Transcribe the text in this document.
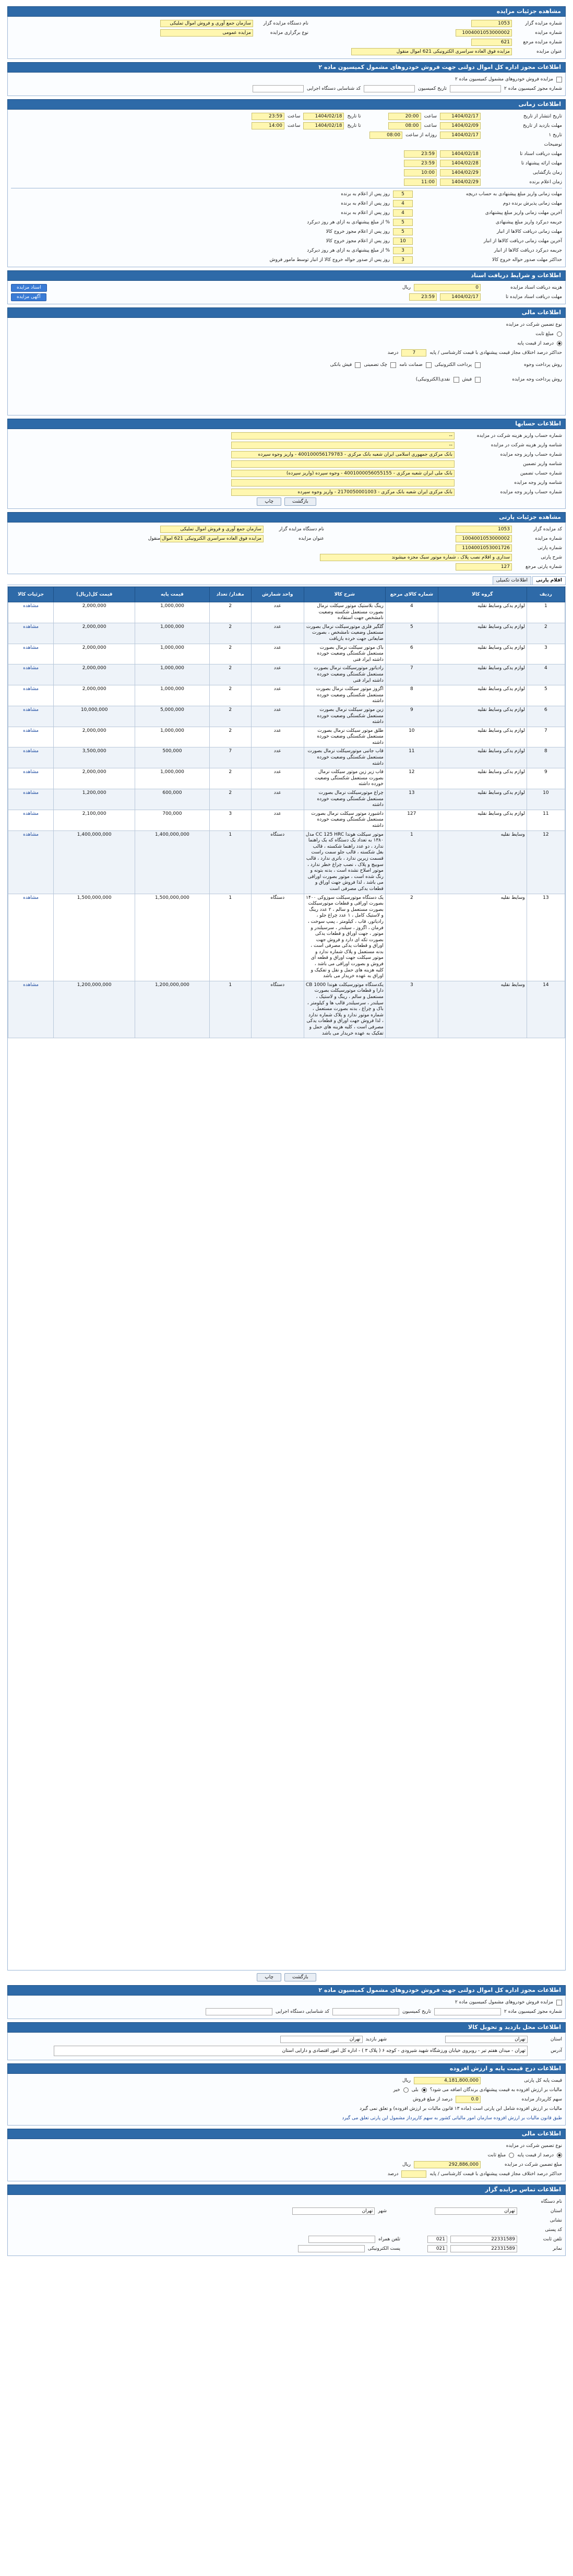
مشاهده جزئیات مزایده
شماره مزایده گزار
1053
نام دستگاه مزایده گزار
سازمان جمع آوری و فروش اموال تملیکی
شماره مزایده
1004001053000002
نوع برگزاری مزایده
مزایده عمومی
شماره مزایده مرجع
621
عنوان مزایده
مزایده فوق العاده سراسری الکترونیکی 621 اموال منقول
اطلاعات مجوز اداره کل اموال دولتی جهت فروش خودروهای مشمول کمیسیون ماده ۲
مزایده فروش خودروهای مشمول کمیسیون ماده ۲
شماره مجوز کمیسیون ماده ۲
تاریخ کمیسیون
کد شناسایی دستگاه اجرایی
اطلاعات زمانی
تاریخ انتشار از تاریخ
1404/02/17
ساعت
20:00
تا تاریخ
1404/02/18
ساعت
23:59
مهلت بازدید از تاریخ
1404/02/09
ساعت
08:00
تا تاریخ
1404/02/18
ساعت
14:00
تاریخ ۱
1404/02/17
روزانه از ساعت
08:00
توضیحات
مهلت دریافت اسناد تا
1404/02/18
23:59
مهلت ارائه پیشنهاد تا
1404/02/28
23:59
زمان بازگشایی
1404/02/29
10:00
زمان اعلام برنده
1404/02/29
11:00
مهلت زمانی واریز مبلغ پیشنهادی به حساب دریچه
5
روز پس از اعلام به برنده
مهلت زمانی پذیرش برنده دوم
4
روز پس از اعلام به برنده
آخرین مهلت زمانی واریز مبلغ پیشنهادی
4
روز پس از اعلام به برنده
جریمه دیرکرد واریز مبلغ پیشنهادی
5
% از مبلغ پیشنهادی به ازای هر روز دیرکرد
مهلت زمانی دریافت کالاها از انبار
5
روز پس از اعلام مجوز خروج کالا
آخرین مهلت زمانی دریافت کالاها از انبار
10
روز پس از اعلام مجوز خروج کالا
جریمه دیرکرد دریافت کالاها از انبار
3
% از مبلغ پیشنهادی به ازای هر روز دیرکرد
حداکثر مهلت صدور حواله خروج کالا
3
روز پس از صدور حواله خروج کالا از انبار توسط مامور فروش
اطلاعات و شرایط دریافت اسناد
هزینه دریافت اسناد مزایده
0
ریال
اسناد مزایده
مهلت دریافت اسناد مزایده تا
1404/02/17
23:59
آگهی مزایده
اطلاعات مالی
نوع تضمین شرکت در مزایده
مبلغ ثابت
درصد از قیمت پایه
حداکثر درصد اختلاف مجاز قیمت پیشنهادی با قیمت کارشناسی / پایه
7
درصد
روش پرداخت وجوه
پرداخت الکترونیکی
ضمانت نامه
چک تضمینی
فیش بانکی
روش پرداخت وجه مزایده
فیش
نقدی(الکترونیکی)
اطلاعات حسابها
شماره حساب واریز هزینه شرکت در مزایده
--
شناسه واریز هزینه شرکت در مزایده
--
شماره حساب واریز وجه مزایده
بانک مرکزی جمهوری اسلامی ایران شعبه بانک مرکزی - 400100056179783 - واریز وجوه سپرده
شناسه واریز تضمین
شماره حساب تضمین
بانک ملی ایران شعبه مرکزی - 4001000056055155 - وجوه سپرده (واریز سپرده)
شناسه واریز وجه مزایده
شماره حساب واریز وجه مزایده
بانک مرکزی ایران شعبه بانک مرکزی - 2170050001003 - واریز وجوه سپرده
بازگشت
چاپ
مشاهده جزئیات پارتی
کد مزایده گزار
1053
نام دستگاه مزایده گزار
سازمان جمع آوری و فروش اموال تملیکی
شماره مزایده
1004001053000002
عنوان مزایده
مزایده فوق العاده سراسری الکترونیکی 621 اموال منقول
شماره پارتی
1104001053001726
شرح پارتی
سداری و اقلام نصب پلاک ، شماره موتور سبک مجزه میشوند
شماره پارتی مرجع
127
اقلام پارتی
اطلاعات تکمیلی
ردیف	گروه کالا	شماره کالای مرجع	شرح کالا	واحد شمارش	مقدار/ تعداد	قیمت پایه	قیمت کل(ریال)	جزئیات کالا
1	لوازم یدکی وسایط نقلیه	4	رینگ بلاستیک موتور سیکلت نرمال بصورت مستعمل شکسته وضعیت نامشخص جهت استفاده	عدد	2	1,000,000	2,000,000	مشاهده
2	لوازم یدکی وسایط نقلیه	5	گلگیر فلزی موتورسیکلت نرمال بصورت مستعمل وضعیت نامشخص ، بصورت ضایعاتی جهت خرده بازیافت	عدد	2	1,000,000	2,000,000	مشاهده
3	لوازم یدکی وسایط نقلیه	6	باک موتور سیکلت نرمال بصورت مستعمل شکستگی وضعیت خورده داشته ایراد فنی	عدد	2	1,000,000	2,000,000	مشاهده
4	لوازم یدکی وسایط نقلیه	7	رادیاتور موتورسیکلت نرمال بصورت مستعمل شکستگی وضعیت خورده داشته ایراد فنی	عدد	2	1,000,000	2,000,000	مشاهده
5	لوازم یدکی وسایط نقلیه	8	اگزوز موتور سیکلت نرمال بصورت مستعمل شکستگی وضعیت خورده داشته	عدد	2	1,000,000	2,000,000	مشاهده
6	لوازم یدکی وسایط نقلیه	9	زین موتور سیکلت نرمال بصورت مستعمل شکستگی وضعیت خورده داشته	عدد	2	5,000,000	10,000,000	مشاهده
7	لوازم یدکی وسایط نقلیه	10	طلق موتور سیکلت نرمال بصورت مستعمل شکستگی وضعیت خورده داشته	عدد	2	1,000,000	2,000,000	مشاهده
8	لوازم یدکی وسایط نقلیه	11	قاب جانبی موتورسیکلت نرمال بصورت مستعمل شکستگی وضعیت خورده داشته	عدد	7	500,000	3,500,000	مشاهده
9	لوازم یدکی وسایط نقلیه	12	قاب زیر زین موتور سیکلت نرمال بصورت مستعمل شکستگی وضعیت خورده داشته	عدد	2	1,000,000	2,000,000	مشاهده
10	لوازم یدکی وسایط نقلیه	13	چراغ موتورسیکلت نرمال بصورت مستعمل شکستگی وضعیت خورده داشته	عدد	2	600,000	1,200,000	مشاهده
11	لوازم یدکی وسایط نقلیه	127	داشبورد موتور سیکلت نرمال بصورت مستعمل شکستگی وضعیت خورده داشته	عدد	3	700,000	2,100,000	مشاهده
12	وسایط نقلیه	1	موتور سیکلت هوندا CC 125 HRC مدل ۱۳۸۰ به تعداد یک دستگاه که یک راهنما ندارد ، دو عدد راهنما شکسته ، قالب بغل شکسته ، قالب جلو سمت راست قسمت زیرین ندارد ، باتری ندارد ، قالب سوییچ و پلاک ، نصب چراغ خطر ندارد ، موتور اصلاح نشده است ، بدنه بتونه و رنگ شده است ، موتور بصورت اوراقی می باشد ، لذا فروش جهت اوراق و قطعات یدکی مصرفی است	دستگاه	1	1,400,000,000	1,400,000,000	مشاهده
13	وسایط نقلیه	2	یک دستگاه موتورسیکلت سوزوکی ۱۴۰۰ بصورت اوراقی و قطعات موتورسیکلت بصورت مستعمل و سالم ، ۲ عدد رینگ و لاستیک کامل ، ۱ عدد چراغ جلو ، رادیاتور، قاب ، کیلومتر ، پمپ سوخت ، فرمان ، اگزوز ، سیلندر ، سرسیلندر و موتور ، جهت اوراق و قطعات یدکی بصورت تکه ای دارد و فروش جهت اوراق و قطعات یدکی مصرفی است ، بدنه مستعمل و پلاک شماره ندارد و موتور سیکلت جهت اوراق و قطعه ای فروش و بصورت اوراقی می باشد ، کلیه هزینه های حمل و نقل و تفکیک و اوراق به عهده خریدار می باشد	دستگاه	1	1,500,000,000	1,500,000,000	مشاهده
14	وسایط نقلیه	3	یکدستگاه موتورسیکلت هوندا CB 1000 دارا و قطعات موتورسیکلت بصورت مستعمل و سالم ، رینگ و لاستیک ، سیلندر ، سرسیلندر قالب ها و کیلومتر ، باک و چراغ ، بدنه بصورت مستعمل ، شماره موتور ندارد و پلاک شماره ندارد ، لذا فروش جهت اوراق و قطعات یدکی مصرفی است ، کلیه هزینه های حمل و تفکیک به عهده خریدار می باشد	دستگاه	1	1,200,000,000	1,200,000,000	مشاهده
بازگشت
چاپ
اطلاعات مجوز اداره کل اموال دولتی جهت فروش خودروهای مشمول کمیسیون ماده ۲
مزایده فروش خودروهای مشمول کمیسیون ماده ۲
شماره مجوز کمیسیون ماده ۲
تاریخ کمیسیون
کد شناسایی دستگاه اجرایی
اطلاعات محل بازدید و تحویل کالا
استان
تهران
شهر بازدید
تهران
آدرس
تهران - میدان هفتم تیر - روبروی خیابان ورزشگاه شهید شیرودی - کوچه ۶ ( پلاک ۳ ) - اداره کل امور اقتصادی و دارایی استان
اطلاعات درج قیمت پایه و ارزش افزوده
قیمت پایه کل پارتی
4,181,800,000
ریال
مالیات بر ارزش افزوده به قیمت پیشنهادی برندگان اضافه می شود؟
بلی
خیر
سهم کارپرداز مزایده
0.0
درصد از مبلغ فروش
مالیات بر ارزش افزوده شامل این پارتی است (ماده ۱۳ قانون مالیات بر ارزش افزوده) و تعلق نمی گیرد
طبق قانون مالیات بر ارزش افزوده سازمان امور مالیاتی کشور به سهم کارپرداز مشمول این پارتی تعلق می گیرد
اطلاعات مالی
نوع تضمین شرکت در مزایده
درصد از قیمت پایه
مبلغ ثابت
مبلغ تضمین شرکت در مزایده
292,886,000
ریال
حداکثر درصد اختلاف مجاز قیمت پیشنهادی با قیمت کارشناسی / پایه
درصد
اطلاعات تماس مزایده گزار
نام دستگاه
استان
تهران
شهر
تهران
نشانی
کد پستی
تلفن ثابت
22331589
021
تلفن همراه
نمابر
22331589
021
پست الکترونیکی
